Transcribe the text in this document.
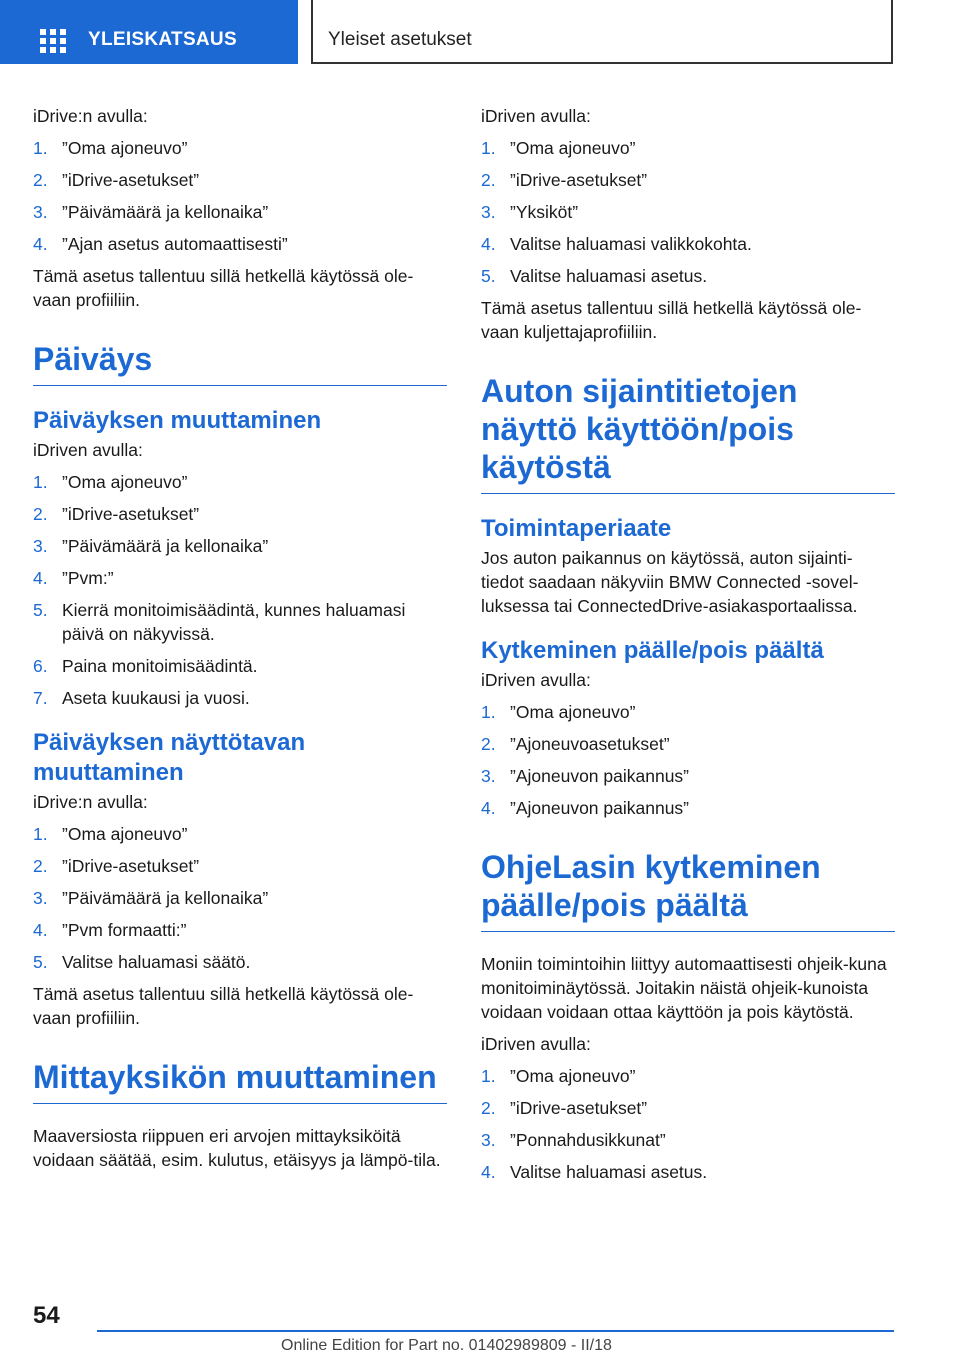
YLEISKATSAUS	Yleiset asetukset

iDrive:n avulla:

1. ”Oma ajoneuvo”
2. ”iDrive-asetukset”
3. ”Päivämäärä ja kellonaika”
4. ”Ajan asetus automaattisesti”

Tämä asetus tallentuu sillä hetkellä käytössä ole-vaan profiiliin.

Päiväys
Päiväyksen muuttaminen

iDriven avulla:

1. ”Oma ajoneuvo”
2. ”iDrive-asetukset”
3. ”Päivämäärä ja kellonaika”
4. ”Pvm:”
5. Kierrä monitoimisäädintä, kunnes haluamasi päivä on näkyvissä.
6. Paina monitoimisäädintä.
7. Aseta kuukausi ja vuosi.
Päiväyksen näyttötavan muuttaminen

iDrive:n avulla:

1. ”Oma ajoneuvo”
2. ”iDrive-asetukset”
3. ”Päivämäärä ja kellonaika”
4. ”Pvm formaatti:”
5. Valitse haluamasi säätö.

Tämä asetus tallentuu sillä hetkellä käytössä ole-vaan profiiliin.

Mittayksikön muuttaminen

Maaversiosta riippuen eri arvojen mittayksiköitä voidaan säätää, esim. kulutus, etäisyys ja lämpö-tila.

iDriven avulla:

1. ”Oma ajoneuvo”
2. ”iDrive-asetukset”
3. ”Yksiköt”
4. Valitse haluamasi valikkokohta.
5. Valitse haluamasi asetus.

Tämä asetus tallentuu sillä hetkellä käytössä ole-vaan kuljettajaprofiiliin.

Auton sijaintitietojen näyttö käyttöön/pois käytöstä
Toimintaperiaate

Jos auton paikannus on käytössä, auton sijainti-tiedot saadaan näkyviin BMW Connected -sovel-luksessa tai ConnectedDrive-asiakasportaalissa.

Kytkeminen päälle/pois päältä

iDriven avulla:

1. ”Oma ajoneuvo”
2. ”Ajoneuvoasetukset”
3. ”Ajoneuvon paikannus”
4. ”Ajoneuvon paikannus”
OhjeLasin kytkeminen päälle/pois päältä

Moniin toimintoihin liittyy automaattisesti ohjeik-kuna monitoiminäytössä. Joitakin näistä ohjeik-kunoista voidaan voidaan ottaa käyttöön ja pois käytöstä.

iDriven avulla:

1. ”Oma ajoneuvo”
2. ”iDrive-asetukset”
3. ”Ponnahdusikkunat”
4. Valitse haluamasi asetus.
54
Online Edition for Part no. 01402989809 - II/18
